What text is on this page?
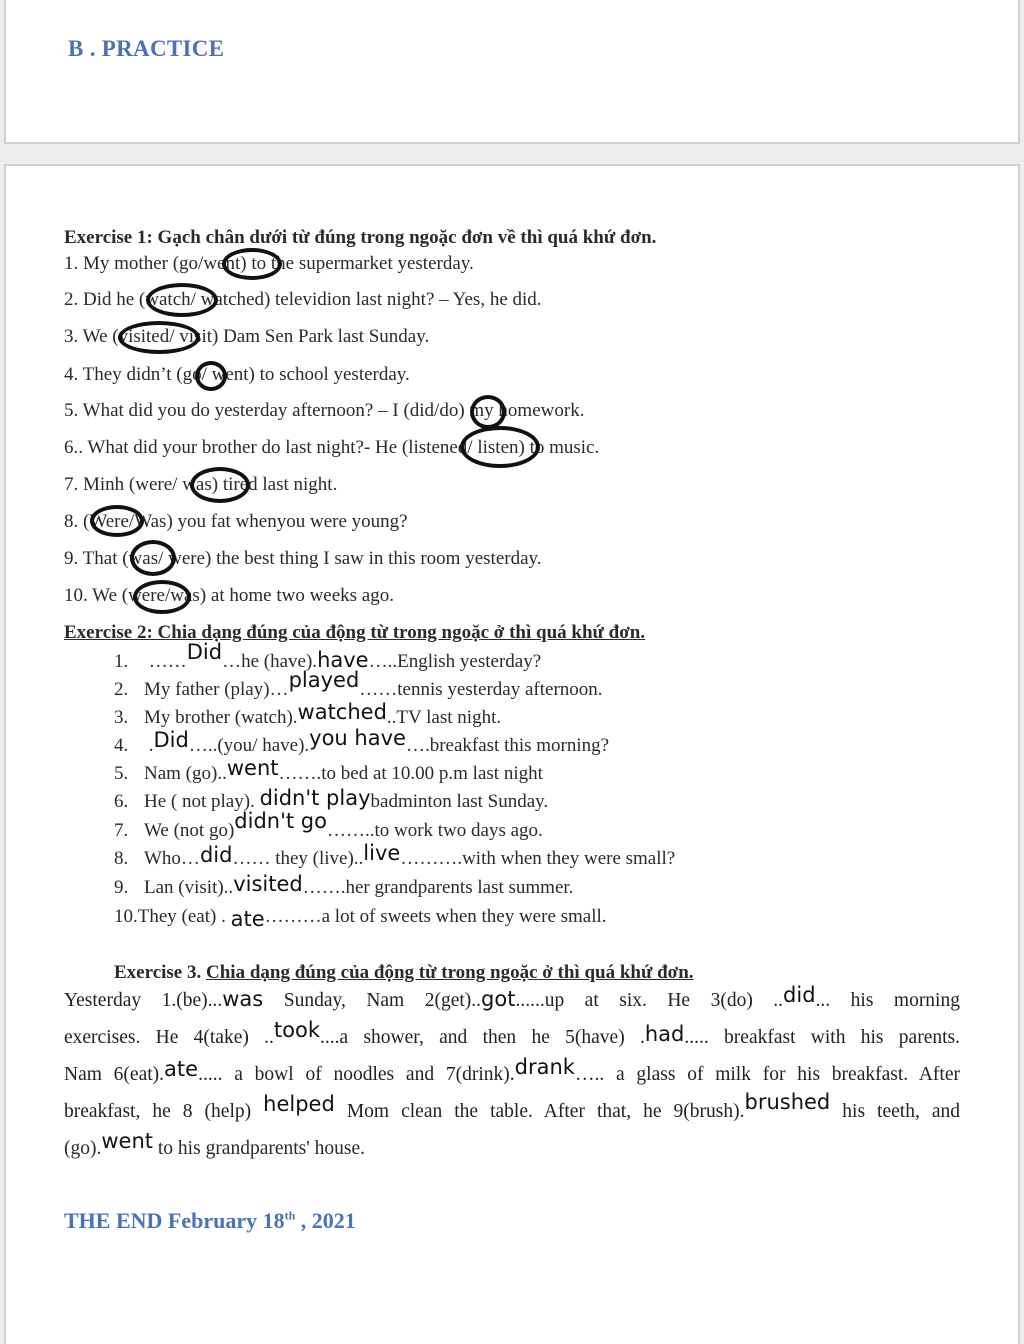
B . PRACTICE
Exercise 1: Gạch chân dưới từ đúng trong ngoặc đơn về thì quá khứ đơn.
1. My mother (go/went) to the supermarket yesterday.
2. Did he (watch/ watched) televidion last night? – Yes, he did.
3. We (visited/ visit) Dam Sen Park last Sunday.
4. They didn’t (go/ went) to school yesterday.
5. What did you do yesterday afternoon? – I (did/do) my homework.
6.. What did your brother do last night?- He (listened/ listen) to music.
7. Minh (were/ was) tired last night.
8. (Were/Was) you fat whenyou were young?
9. That (was/ were) the best thing I saw in this room yesterday.
10. We (were/was) at home two weeks ago.
Exercise 2: Chia dạng đúng của động từ trong ngoặc ở thì quá khứ đơn.
1. ……Did…he (have).have…..English yesterday?
2. My father (play)…played……tennis yesterday afternoon.
3. My brother (watch).watched..TV last night.
4. .Did…..(you/ have).you have….breakfast this morning?
5. Nam (go)..went…….to bed at 10.00 p.m last night
6. He ( not play). didn't playbadminton last Sunday.
7. We (not go)didn't go……..to work two days ago.
8. Who…did…… they (live)..live……….with when they were small?
9. Lan (visit)..visited…….her grandparents last summer.
10.They (eat) . ate………a lot of sweets when they were small.
Exercise 3. Chia dạng đúng của động từ trong ngoặc ở thì quá khứ đơn.
Yesterday 1.(be)...was Sunday, Nam 2(get)..got......up at six. He 3(do) ..did... his morning
exercises. He 4(take) ..took....a shower, and then he 5(have) .had..... breakfast with his parents.
Nam 6(eat).ate..... a bowl of noodles and 7(drink).drank….. a glass of milk for his breakfast. After
breakfast, he 8 (help) helped Mom clean the table. After that, he 9(brush).brushed his teeth, and
(go).went to his grandparents' house.
THE END February 18th , 2021
